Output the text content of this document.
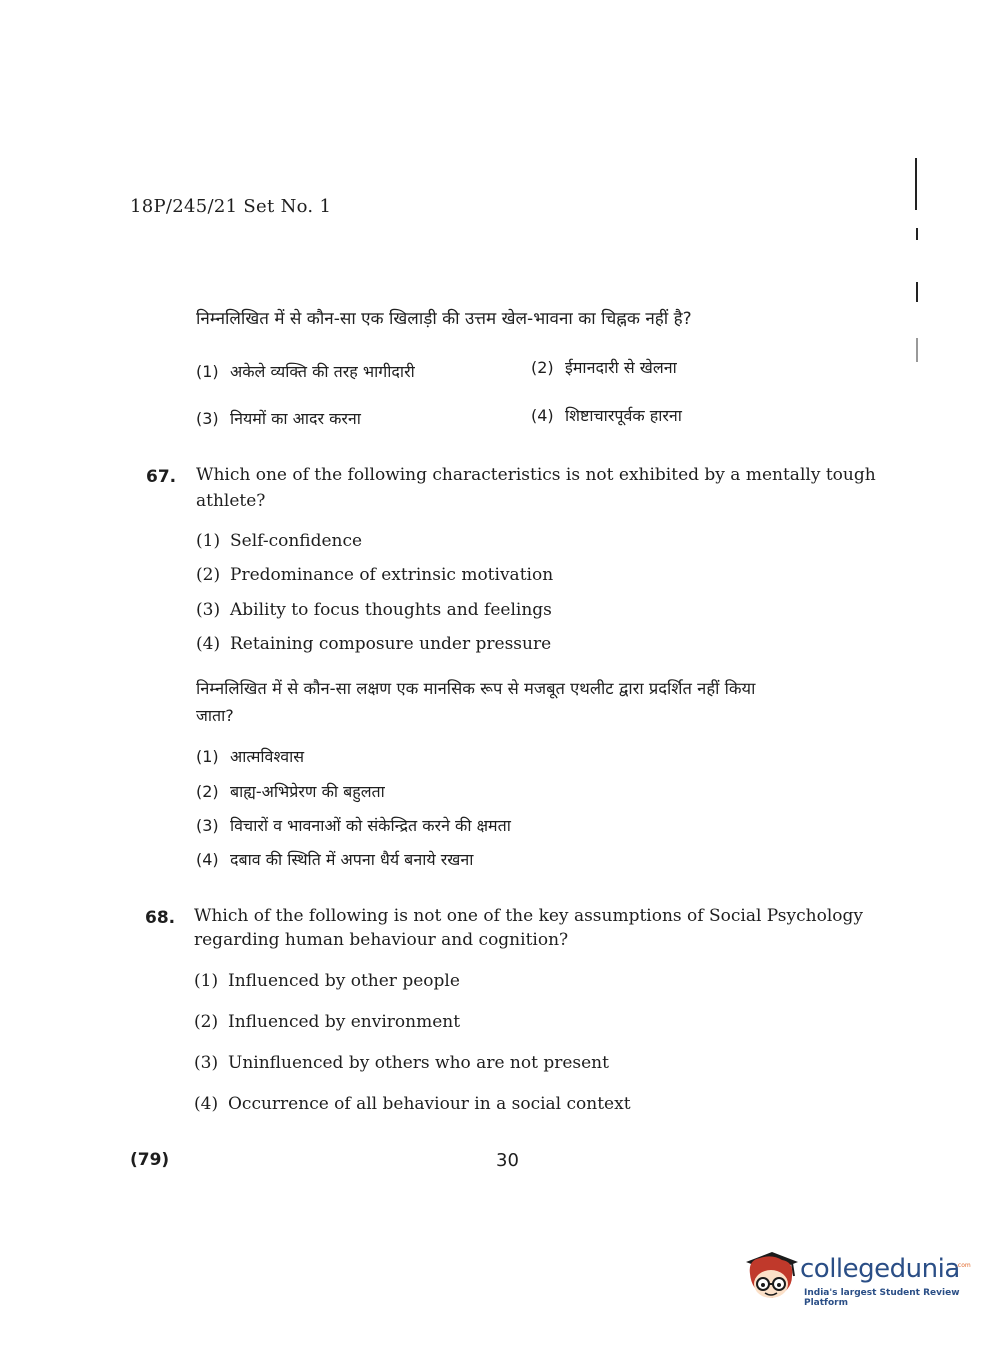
18P/245/21 Set No. 1
निम्नलिखित में से कौन-सा एक खिलाड़ी की उत्तम खेल-भावना का चिह्नक नहीं है?
(1) अकेले व्यक्ति की तरह भागीदारी	(2) ईमानदारी से खेलना
(3) नियमों का आदर करना	(4) शिष्टाचारपूर्वक हारना
67. Which one of the following characteristics is not exhibited by a mentally tough
athlete?
(1) Self-confidence
(2) Predominance of extrinsic motivation
(3) Ability to focus thoughts and feelings
(4) Retaining composure under pressure
निम्नलिखित में से कौन-सा लक्षण एक मानसिक रूप से मजबूत एथलीट द्वारा प्रदर्शित नहीं किया
जाता?
(1) आत्मविश्वास
(2) बाह्य-अभिप्रेरण की बहुलता
(3) विचारों व भावनाओं को संकेन्द्रित करने की क्षमता
(4) दबाव की स्थिति में अपना धैर्य बनाये रखना
68. Which of the following is not one of the key assumptions of Social Psychology
regarding human behaviour and cognition?
(1) Influenced by other people
(2) Influenced by environment
(3) Uninfluenced by others who are not present
(4) Occurrence of all behaviour in a social context
(79)	30
collegedunia
.com
India's largest Student Review Platform
